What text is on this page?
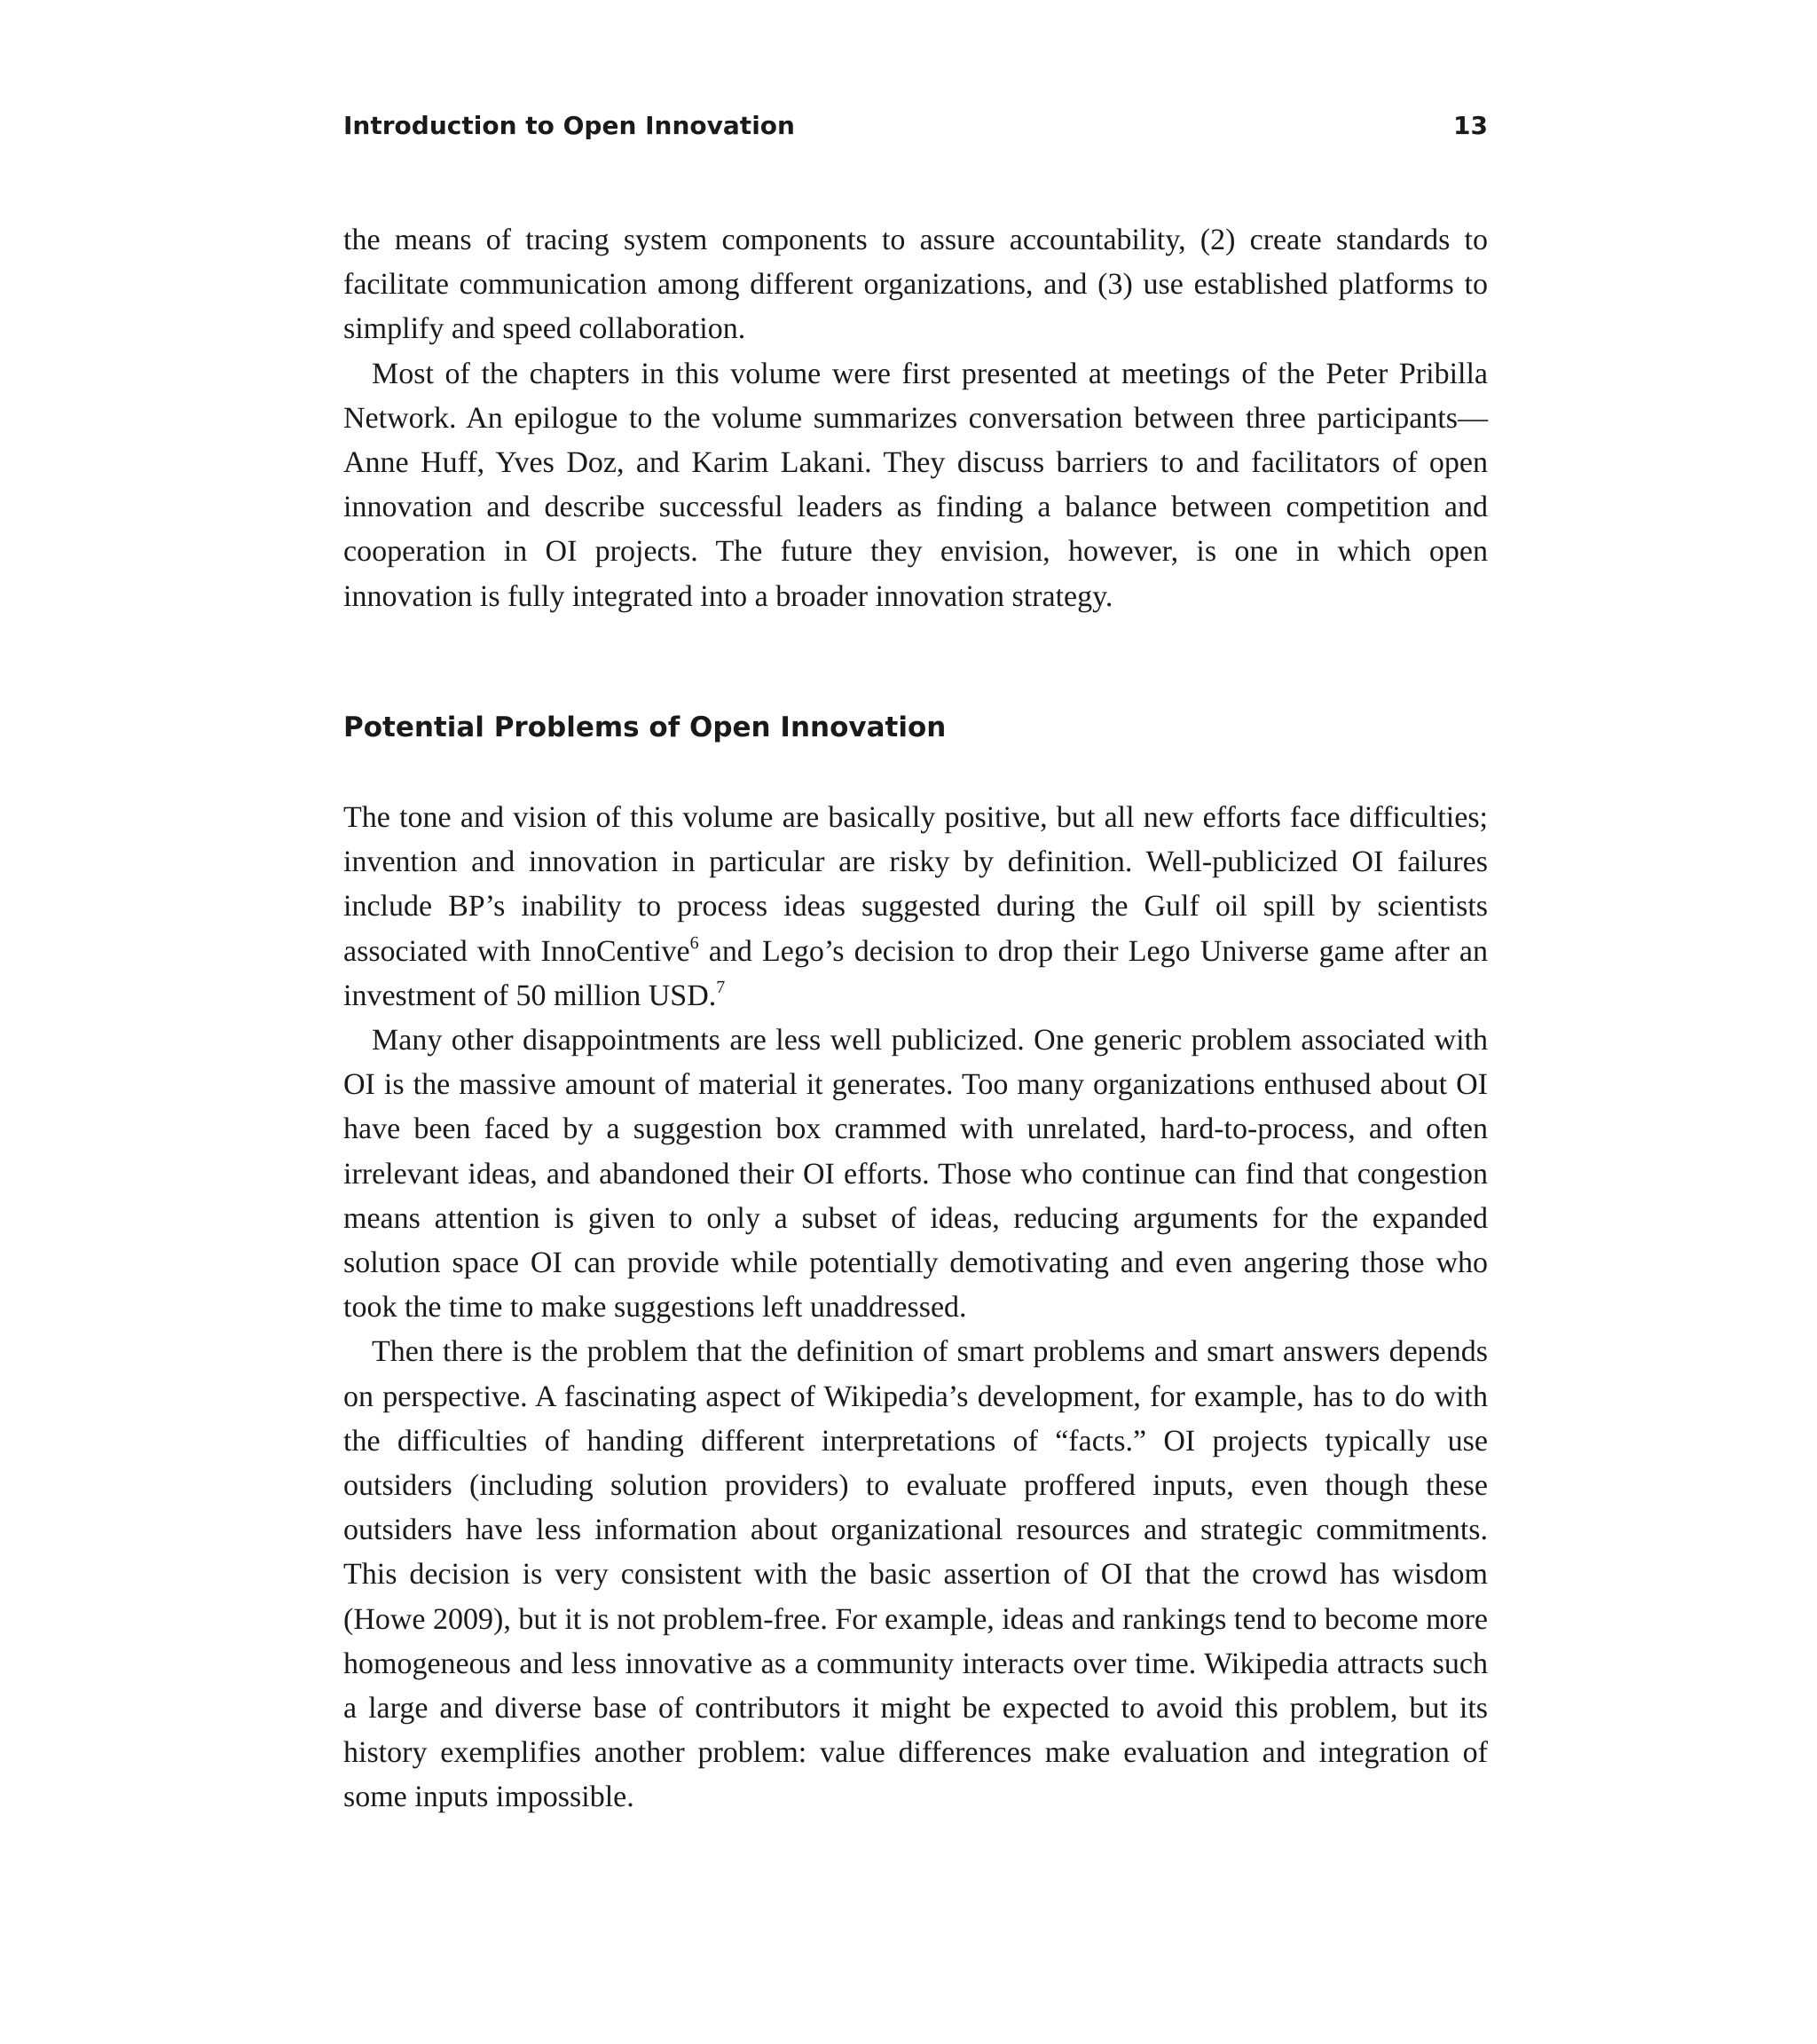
Introduction to Open Innovation	13

the means of tracing system components to assure accountability, (2) create standards to facilitate communication among different organizations, and (3) use established platforms to simplify and speed collaboration.

Most of the chapters in this volume were first presented at meetings of the Peter Pribilla Network. An epilogue to the volume summarizes conversation between three participants—Anne Huff, Yves Doz, and Karim Lakani. They discuss barriers to and facilitators of open innovation and describe successful leaders as finding a balance between competition and cooperation in OI projects. The future they envision, however, is one in which open innovation is fully integrated into a broader innovation strategy.

Potential Problems of Open Innovation

The tone and vision of this volume are basically positive, but all new efforts face difficulties; invention and innovation in particular are risky by definition. Well-publicized OI failures include BP’s inability to process ideas suggested during the Gulf oil spill by scientists associated with InnoCentive$^6$ and Lego’s decision to drop their Lego Universe game after an investment of 50 million USD.$^7$

Many other disappointments are less well publicized. One generic problem associated with OI is the massive amount of material it generates. Too many organizations enthused about OI have been faced by a suggestion box crammed with unrelated, hard-to-process, and often irrelevant ideas, and abandoned their OI efforts. Those who continue can find that congestion means attention is given to only a subset of ideas, reducing arguments for the expanded solution space OI can provide while potentially demotivating and even angering those who took the time to make suggestions left unaddressed.

Then there is the problem that the definition of smart problems and smart answers depends on perspective. A fascinating aspect of Wikipedia’s development, for example, has to do with the difficulties of handing different interpretations of “facts.” OI projects typically use outsiders (including solution providers) to evaluate proffered inputs, even though these outsiders have less information about organizational resources and strategic commitments. This decision is very consistent with the basic assertion of OI that the crowd has wisdom (Howe 2009), but it is not problem-free. For example, ideas and rankings tend to become more homogeneous and less innovative as a community interacts over time. Wikipedia attracts such a large and diverse base of contributors it might be expected to avoid this problem, but its history exemplifies another problem: value differences make evaluation and integration of some inputs impossible.
